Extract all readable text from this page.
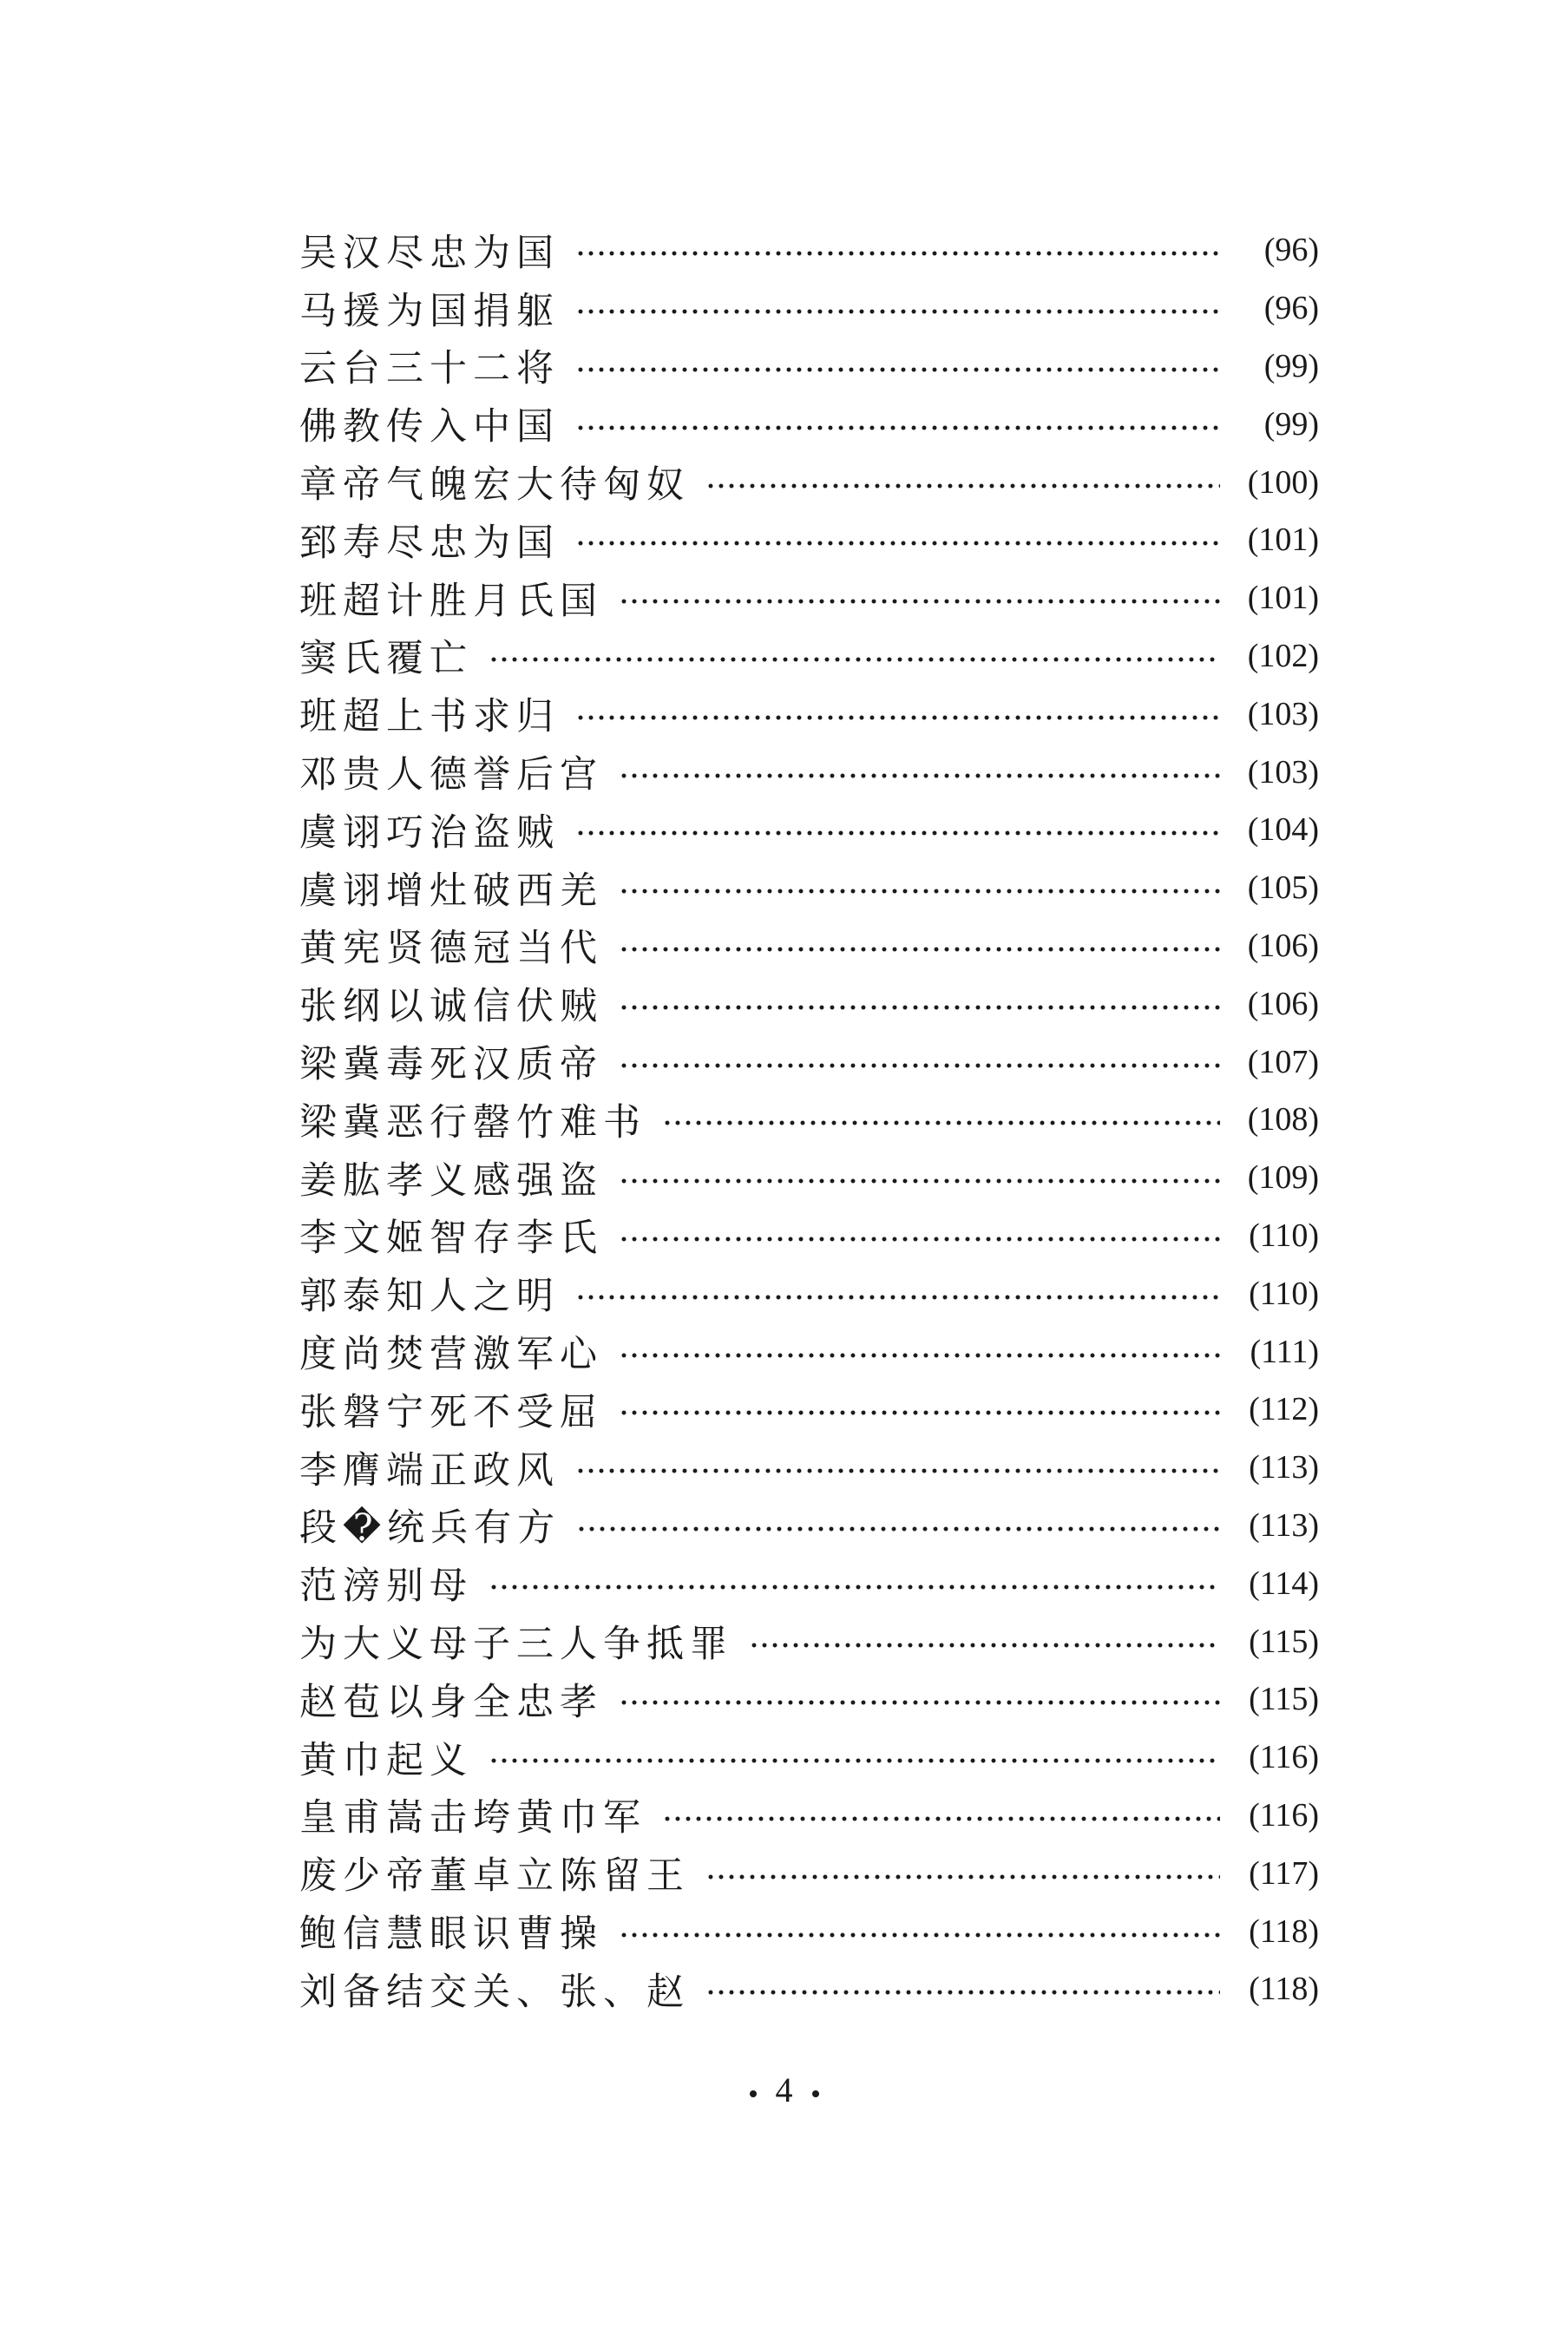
吴汉尽忠为国	(96)
马援为国捐躯	(96)
云台三十二将	(99)
佛教传入中国	(99)
章帝气魄宏大待匈奴	(100)
郅寿尽忠为国	(101)
班超计胜月氏国	(101)
窦氏覆亡	(102)
班超上书求归	(103)
邓贵人德誉后宫	(103)
虞诩巧治盗贼	(104)
虞诩增灶破西羌	(105)
黄宪贤德冠当代	(106)
张纲以诚信伏贼	(106)
梁冀毒死汉质帝	(107)
梁冀恶行罄竹难书	(108)
姜肱孝义感强盗	(109)
李文姬智存李氏	(110)
郭泰知人之明	(110)
度尚焚营激军心	(111)
张磐宁死不受屈	(112)
李膺端正政风	(113)
段�统兵有方	(113)
范滂别母	(114)
为大义母子三人争抵罪	(115)
赵苞以身全忠孝	(115)
黄巾起义	(116)
皇甫嵩击垮黄巾军	(116)
废少帝董卓立陈留王	(117)
鲍信慧眼识曹操	(118)
刘备结交关、张、赵	(118)
4
